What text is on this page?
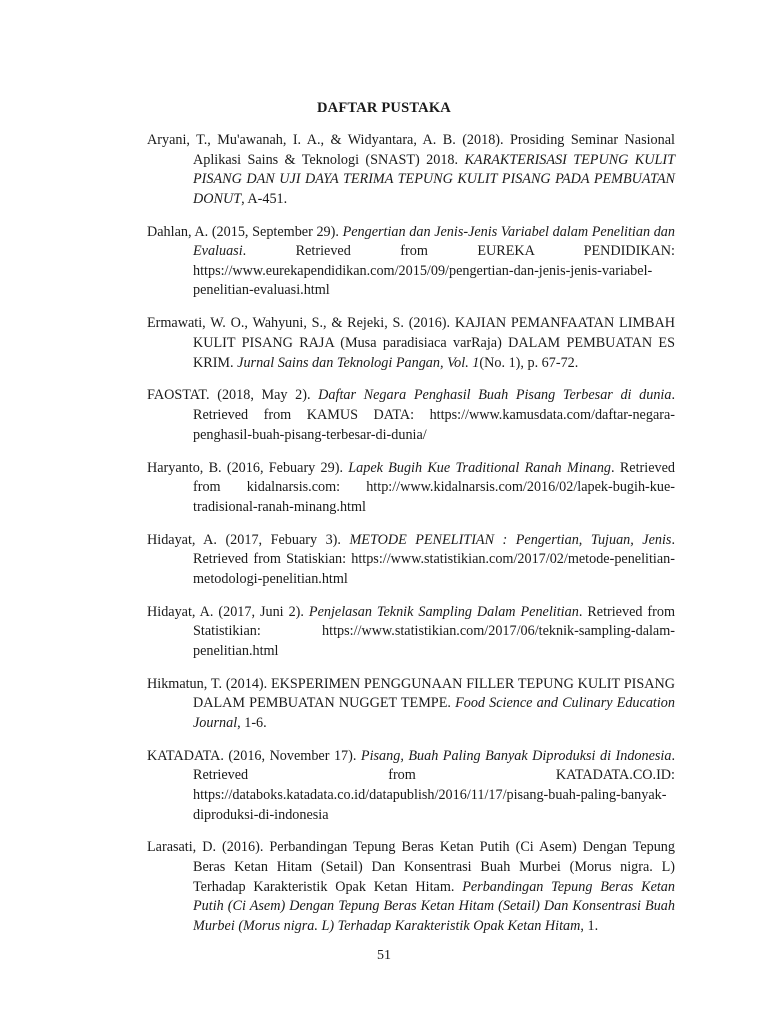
DAFTAR PUSTAKA

Aryani, T., Mu'awanah, I. A., & Widyantara, A. B. (2018). Prosiding Seminar Nasional Aplikasi Sains & Teknologi (SNAST) 2018. KARAKTERISASI TEPUNG KULIT PISANG DAN UJI DAYA TERIMA TEPUNG KULIT PISANG PADA PEMBUATAN DONUT, A-451.

Dahlan, A. (2015, September 29). Pengertian dan Jenis-Jenis Variabel dalam Penelitian dan Evaluasi. Retrieved from EUREKA PENDIDIKAN: https://www.eurekapendidikan.com/2015/09/pengertian-dan-jenis-jenis-variabel-penelitian-evaluasi.html

Ermawati, W. O., Wahyuni, S., & Rejeki, S. (2016). KAJIAN PEMANFAATAN LIMBAH KULIT PISANG RAJA (Musa paradisiaca varRaja) DALAM PEMBUATAN ES KRIM. Jurnal Sains dan Teknologi Pangan, Vol. 1(No. 1), p. 67-72.

FAOSTAT. (2018, May 2). Daftar Negara Penghasil Buah Pisang Terbesar di dunia. Retrieved from KAMUS DATA: https://www.kamusdata.com/daftar-negara-penghasil-buah-pisang-terbesar-di-dunia/

Haryanto, B. (2016, Febuary 29). Lapek Bugih Kue Traditional Ranah Minang. Retrieved from kidalnarsis.com: http://www.kidalnarsis.com/2016/02/lapek-bugih-kue-tradisional-ranah-minang.html

Hidayat, A. (2017, Febuary 3). METODE PENELITIAN : Pengertian, Tujuan, Jenis. Retrieved from Statiskian: https://www.statistikian.com/2017/02/metode-penelitian-metodologi-penelitian.html

Hidayat, A. (2017, Juni 2). Penjelasan Teknik Sampling Dalam Penelitian. Retrieved from Statistikian: https://www.statistikian.com/2017/06/teknik-sampling-dalam-penelitian.html

Hikmatun, T. (2014). EKSPERIMEN PENGGUNAAN FILLER TEPUNG KULIT PISANG DALAM PEMBUATAN NUGGET TEMPE. Food Science and Culinary Education Journal, 1-6.

KATADATA. (2016, November 17). Pisang, Buah Paling Banyak Diproduksi di Indonesia. Retrieved from KATADATA.CO.ID: https://databoks.katadata.co.id/datapublish/2016/11/17/pisang-buah-paling-banyak-diproduksi-di-indonesia

Larasati, D. (2016). Perbandingan Tepung Beras Ketan Putih (Ci Asem) Dengan Tepung Beras Ketan Hitam (Setail) Dan Konsentrasi Buah Murbei (Morus nigra. L) Terhadap Karakteristik Opak Ketan Hitam. Perbandingan Tepung Beras Ketan Putih (Ci Asem) Dengan Tepung Beras Ketan Hitam (Setail) Dan Konsentrasi Buah Murbei (Morus nigra. L) Terhadap Karakteristik Opak Ketan Hitam, 1.

51
